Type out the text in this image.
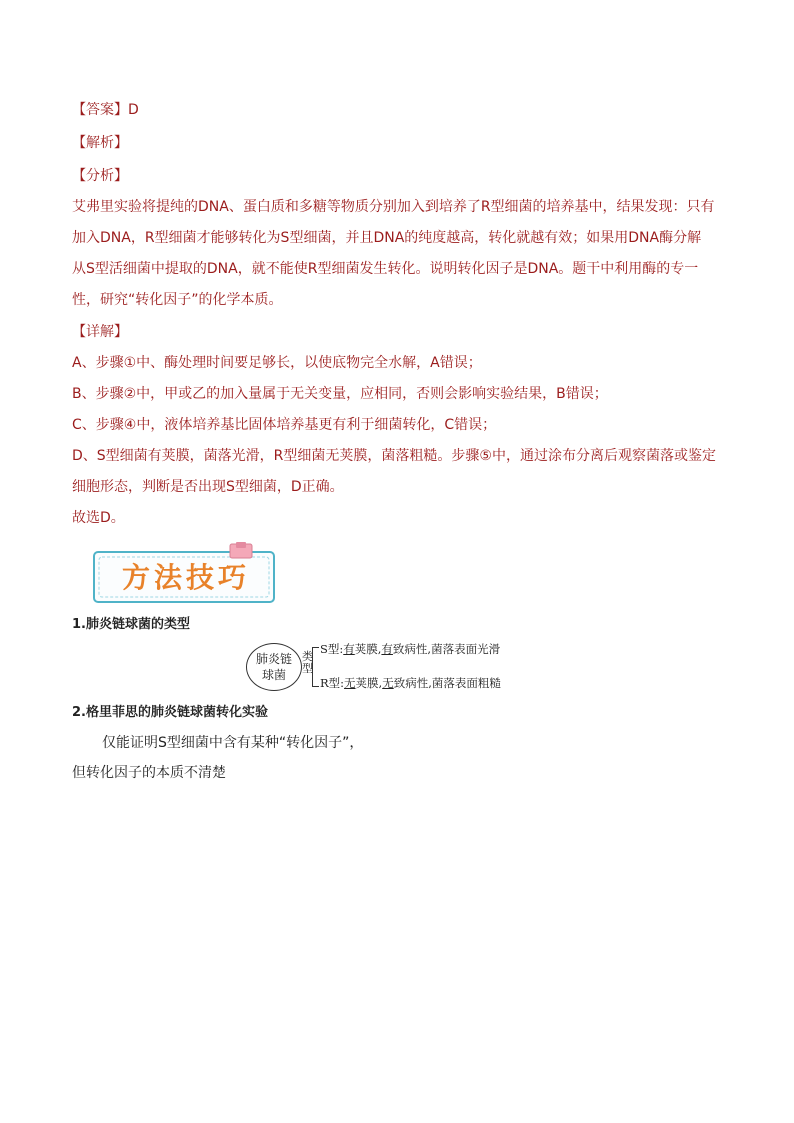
【答案】D
【解析】
【分析】
艾弗里实验将提纯的DNA、蛋白质和多糖等物质分别加入到培养了R型细菌的培养基中，结果发现：只有
加入DNA，R型细菌才能够转化为S型细菌，并且DNA的纯度越高，转化就越有效；如果用DNA酶分解
从S型活细菌中提取的DNA，就不能使R型细菌发生转化。说明转化因子是DNA。题干中利用酶的专一
性，研究“转化因子”的化学本质。
【详解】
A、步骤①中、酶处理时间要足够长，以使底物完全水解，A错误；
B、步骤②中，甲或乙的加入量属于无关变量，应相同，否则会影响实验结果，B错误；
C、步骤④中，液体培养基比固体培养基更有利于细菌转化，C错误；
D、S型细菌有荚膜，菌落光滑，R型细菌无荚膜，菌落粗糙。步骤⑤中，通过涂布分离后观察菌落或鉴定
细胞形态，判断是否出现S型细菌，D正确。
故选D。
方法技巧
1.肺炎链球菌的类型
肺炎链
球菌
类型
S型:有荚膜,有致病性,菌落表面光滑
R型:无荚膜,无致病性,菌落表面粗糙
2.格里菲思的肺炎链球菌转化实验
仅能证明S型细菌中含有某种“转化因子”，
但转化因子的本质不清楚
